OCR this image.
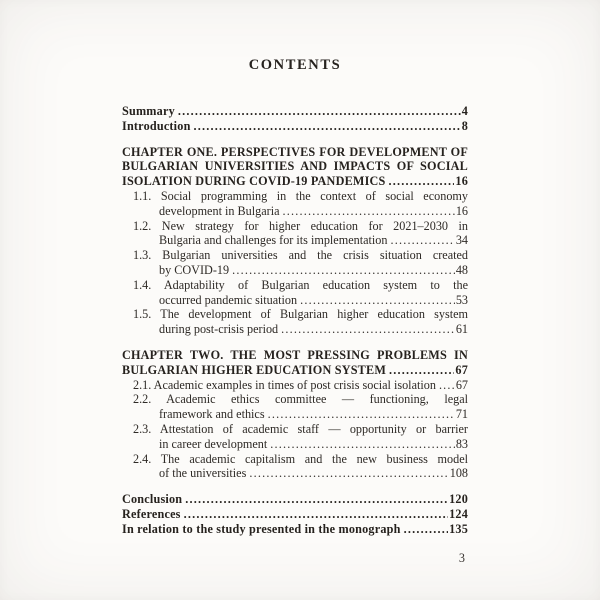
CONTENTS
Summary .....	4
Introduction .....	8
CHAPTER ONE. PERSPECTIVES FOR DEVELOPMENT OF
BULGARIAN UNIVERSITIES AND IMPACTS OF SOCIAL
ISOLATION DURING COVID-19 PANDEMICS .....	16
1.1. Social programming in the context of social economy
development in Bulgaria .....	16
1.2. New strategy for higher education for 2021–2030 in
Bulgaria and challenges for its implementation .....	34
1.3. Bulgarian universities and the crisis situation created
by COVID-19 .....	48
1.4. Adaptability of Bulgarian education system to the
occurred pandemic situation .....	53
1.5. The development of Bulgarian higher education system
during post-crisis period .....	61
CHAPTER TWO. THE MOST PRESSING PROBLEMS IN
BULGARIAN HIGHER EDUCATION SYSTEM .....	67
2.1. Academic examples in times of post crisis social isolation ..... 67
2.2. Academic ethics committee — functioning, legal
framework and ethics .....	71
2.3. Attestation of academic staff — opportunity or barrier
in career development .....	83
2.4. The academic capitalism and the new business model
of the universities .....	108
Conclusion .....	120
References .....	124
In relation to the study presented in the monograph .....	135
3
